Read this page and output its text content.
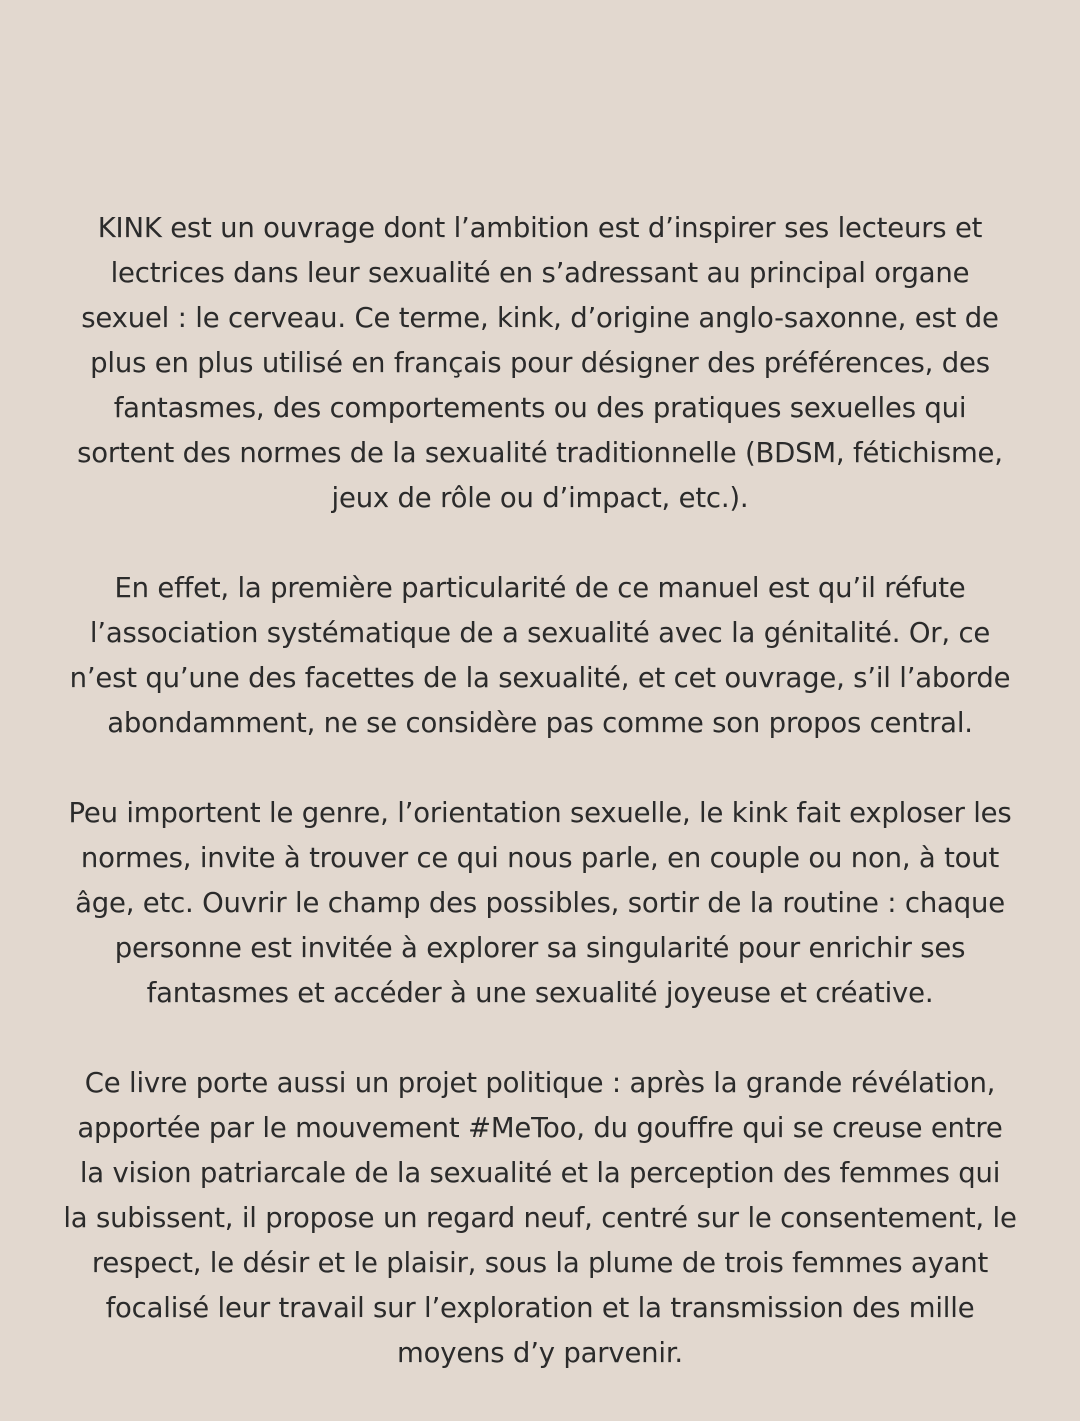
KINK est un ouvrage dont l’ambition est d’inspirer ses lecteurs et
lectrices dans leur sexualité en s’adressant au principal organe
sexuel : le cerveau. Ce terme, kink, d’origine anglo-saxonne, est de
plus en plus utilisé en français pour désigner des préférences, des
fantasmes, des comportements ou des pratiques sexuelles qui
sortent des normes de la sexualité traditionnelle (BDSM, fétichisme,
jeux de rôle ou d’impact, etc.).

En effet, la première particularité de ce manuel est qu’il réfute
l’association systématique de a sexualité avec la génitalité. Or, ce
n’est qu’une des facettes de la sexualité, et cet ouvrage, s’il l’aborde
abondamment, ne se considère pas comme son propos central.

Peu importent le genre, l’orientation sexuelle, le kink fait exploser les
normes, invite à trouver ce qui nous parle, en couple ou non, à tout
âge, etc. Ouvrir le champ des possibles, sortir de la routine : chaque
personne est invitée à explorer sa singularité pour enrichir ses
fantasmes et accéder à une sexualité joyeuse et créative.

Ce livre porte aussi un projet politique : après la grande révélation,
apportée par le mouvement #MeToo, du gouffre qui se creuse entre
la vision patriarcale de la sexualité et la perception des femmes qui
la subissent, il propose un regard neuf, centré sur le consentement, le
respect, le désir et le plaisir, sous la plume de trois femmes ayant
focalisé leur travail sur l’exploration et la transmission des mille
moyens d’y parvenir.
